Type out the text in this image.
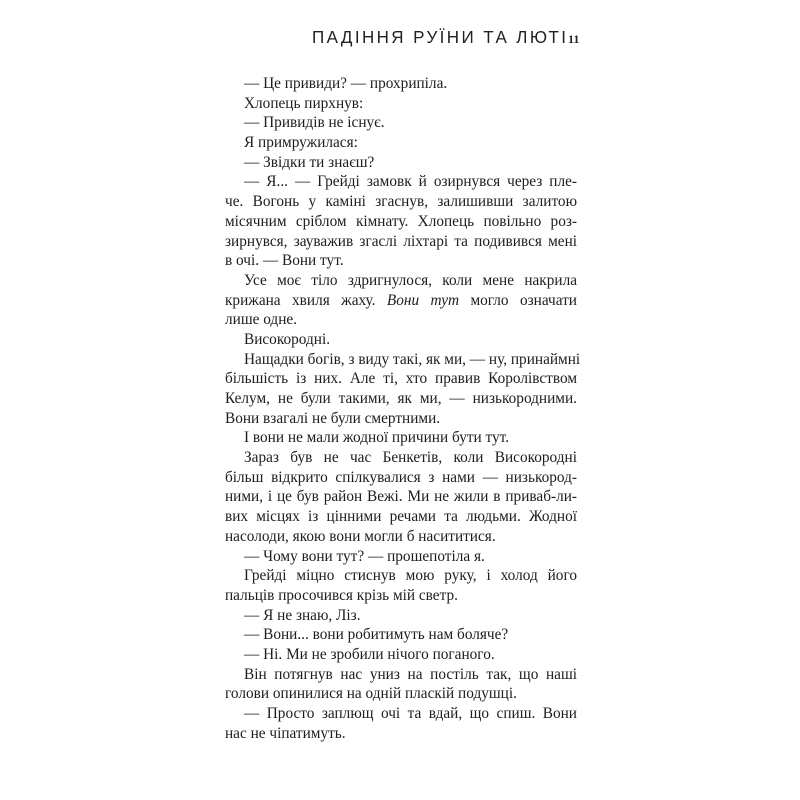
ПАДІННЯ РУЇНИ ТА ЛЮТІ 11
— Це привиди? — прохрипіла.
Хлопець пирхнув:
— Привидів не існує.
Я примружилася:
— Звідки ти знаєш?
— Я... — Грейді замовк й озирнувся через пле-
че. Вогонь у каміні згаснув, залишивши залитою
місячним сріблом кімнату. Хлопець повільно роз-
зирнувся, зауважив згаслі ліхтарі та подивився мені
в очі. — Вони тут.
Усе моє тіло здригнулося, коли мене накрила
крижана хвиля жаху. Вони тут могло означати
лише одне.
Високородні.
Нащадки богів, з виду такі, як ми, — ну, принаймні
більшість із них. Але ті, хто правив Королівством
Келум, не були такими, як ми, — низькородними.
Вони взагалі не були смертними.
І вони не мали жодної причини бути тут.
Зараз був не час Бенкетів, коли Високородні
більш відкрито спілкувалися з нами — низькород-
ними, і це був район Вежі. Ми не жили в приваб-ли-
вих місцях із цінними речами та людьми. Жодної
насолоди, якою вони могли б насититися.
— Чому вони тут? — прошепотіла я.
Грейді міцно стиснув мою руку, і холод його
пальців просочився крізь мій светр.
— Я не знаю, Ліз.
— Вони... вони робитимуть нам боляче?
— Ні. Ми не зробили нічого поганого.
Він потягнув нас униз на постіль так, що наші
голови опинилися на одній пласкій подушці.
— Просто заплющ очі та вдай, що спиш. Вони
нас не чіпатимуть.
